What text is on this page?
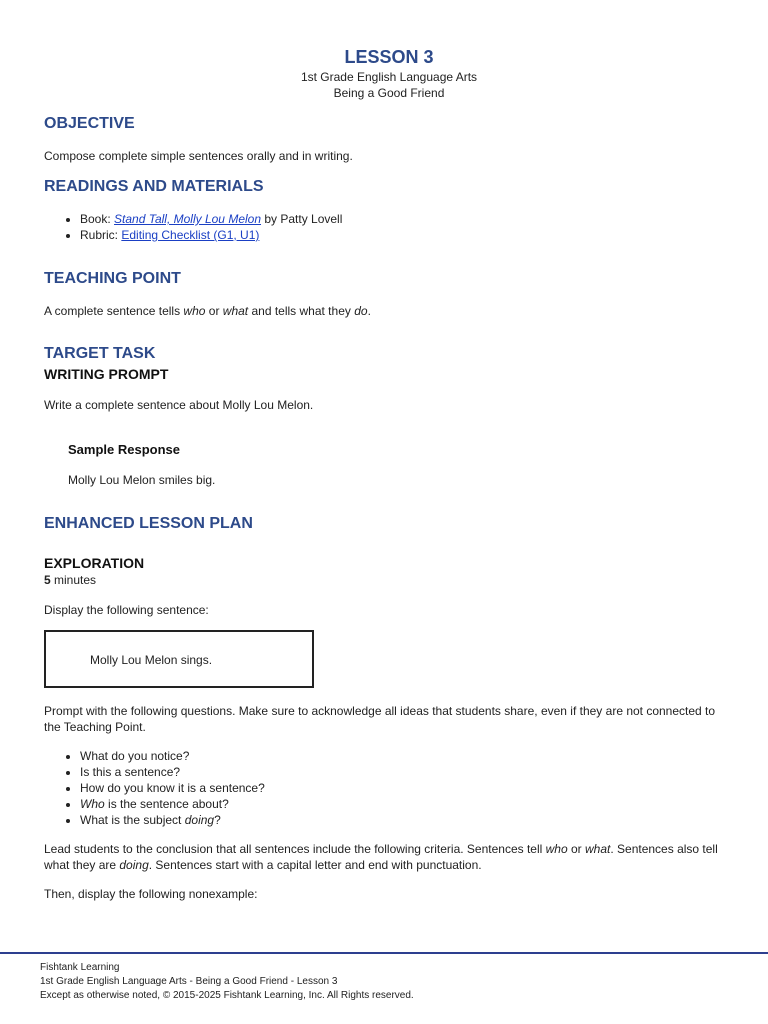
LESSON 3
1st Grade English Language Arts
Being a Good Friend
OBJECTIVE
Compose complete simple sentences orally and in writing.
READINGS AND MATERIALS
• Book: Stand Tall, Molly Lou Melon by Patty Lovell
• Rubric: Editing Checklist (G1, U1)
TEACHING POINT
A complete sentence tells who or what and tells what they do.
TARGET TASK
WRITING PROMPT
Write a complete sentence about Molly Lou Melon.
Sample Response
Molly Lou Melon smiles big.
ENHANCED LESSON PLAN
EXPLORATION
5 minutes
Display the following sentence:
Molly Lou Melon sings.
Prompt with the following questions. Make sure to acknowledge all ideas that students share, even if they are not connected to the Teaching Point.
• What do you notice?
• Is this a sentence?
• How do you know it is a sentence?
• Who is the sentence about?
• What is the subject doing?
Lead students to the conclusion that all sentences include the following criteria. Sentences tell who or what. Sentences also tell what they are doing. Sentences start with a capital letter and end with punctuation.
Then, display the following nonexample:
Fishtank Learning
1st Grade English Language Arts - Being a Good Friend - Lesson 3
Except as otherwise noted, © 2015-2025 Fishtank Learning, Inc. All Rights reserved.
